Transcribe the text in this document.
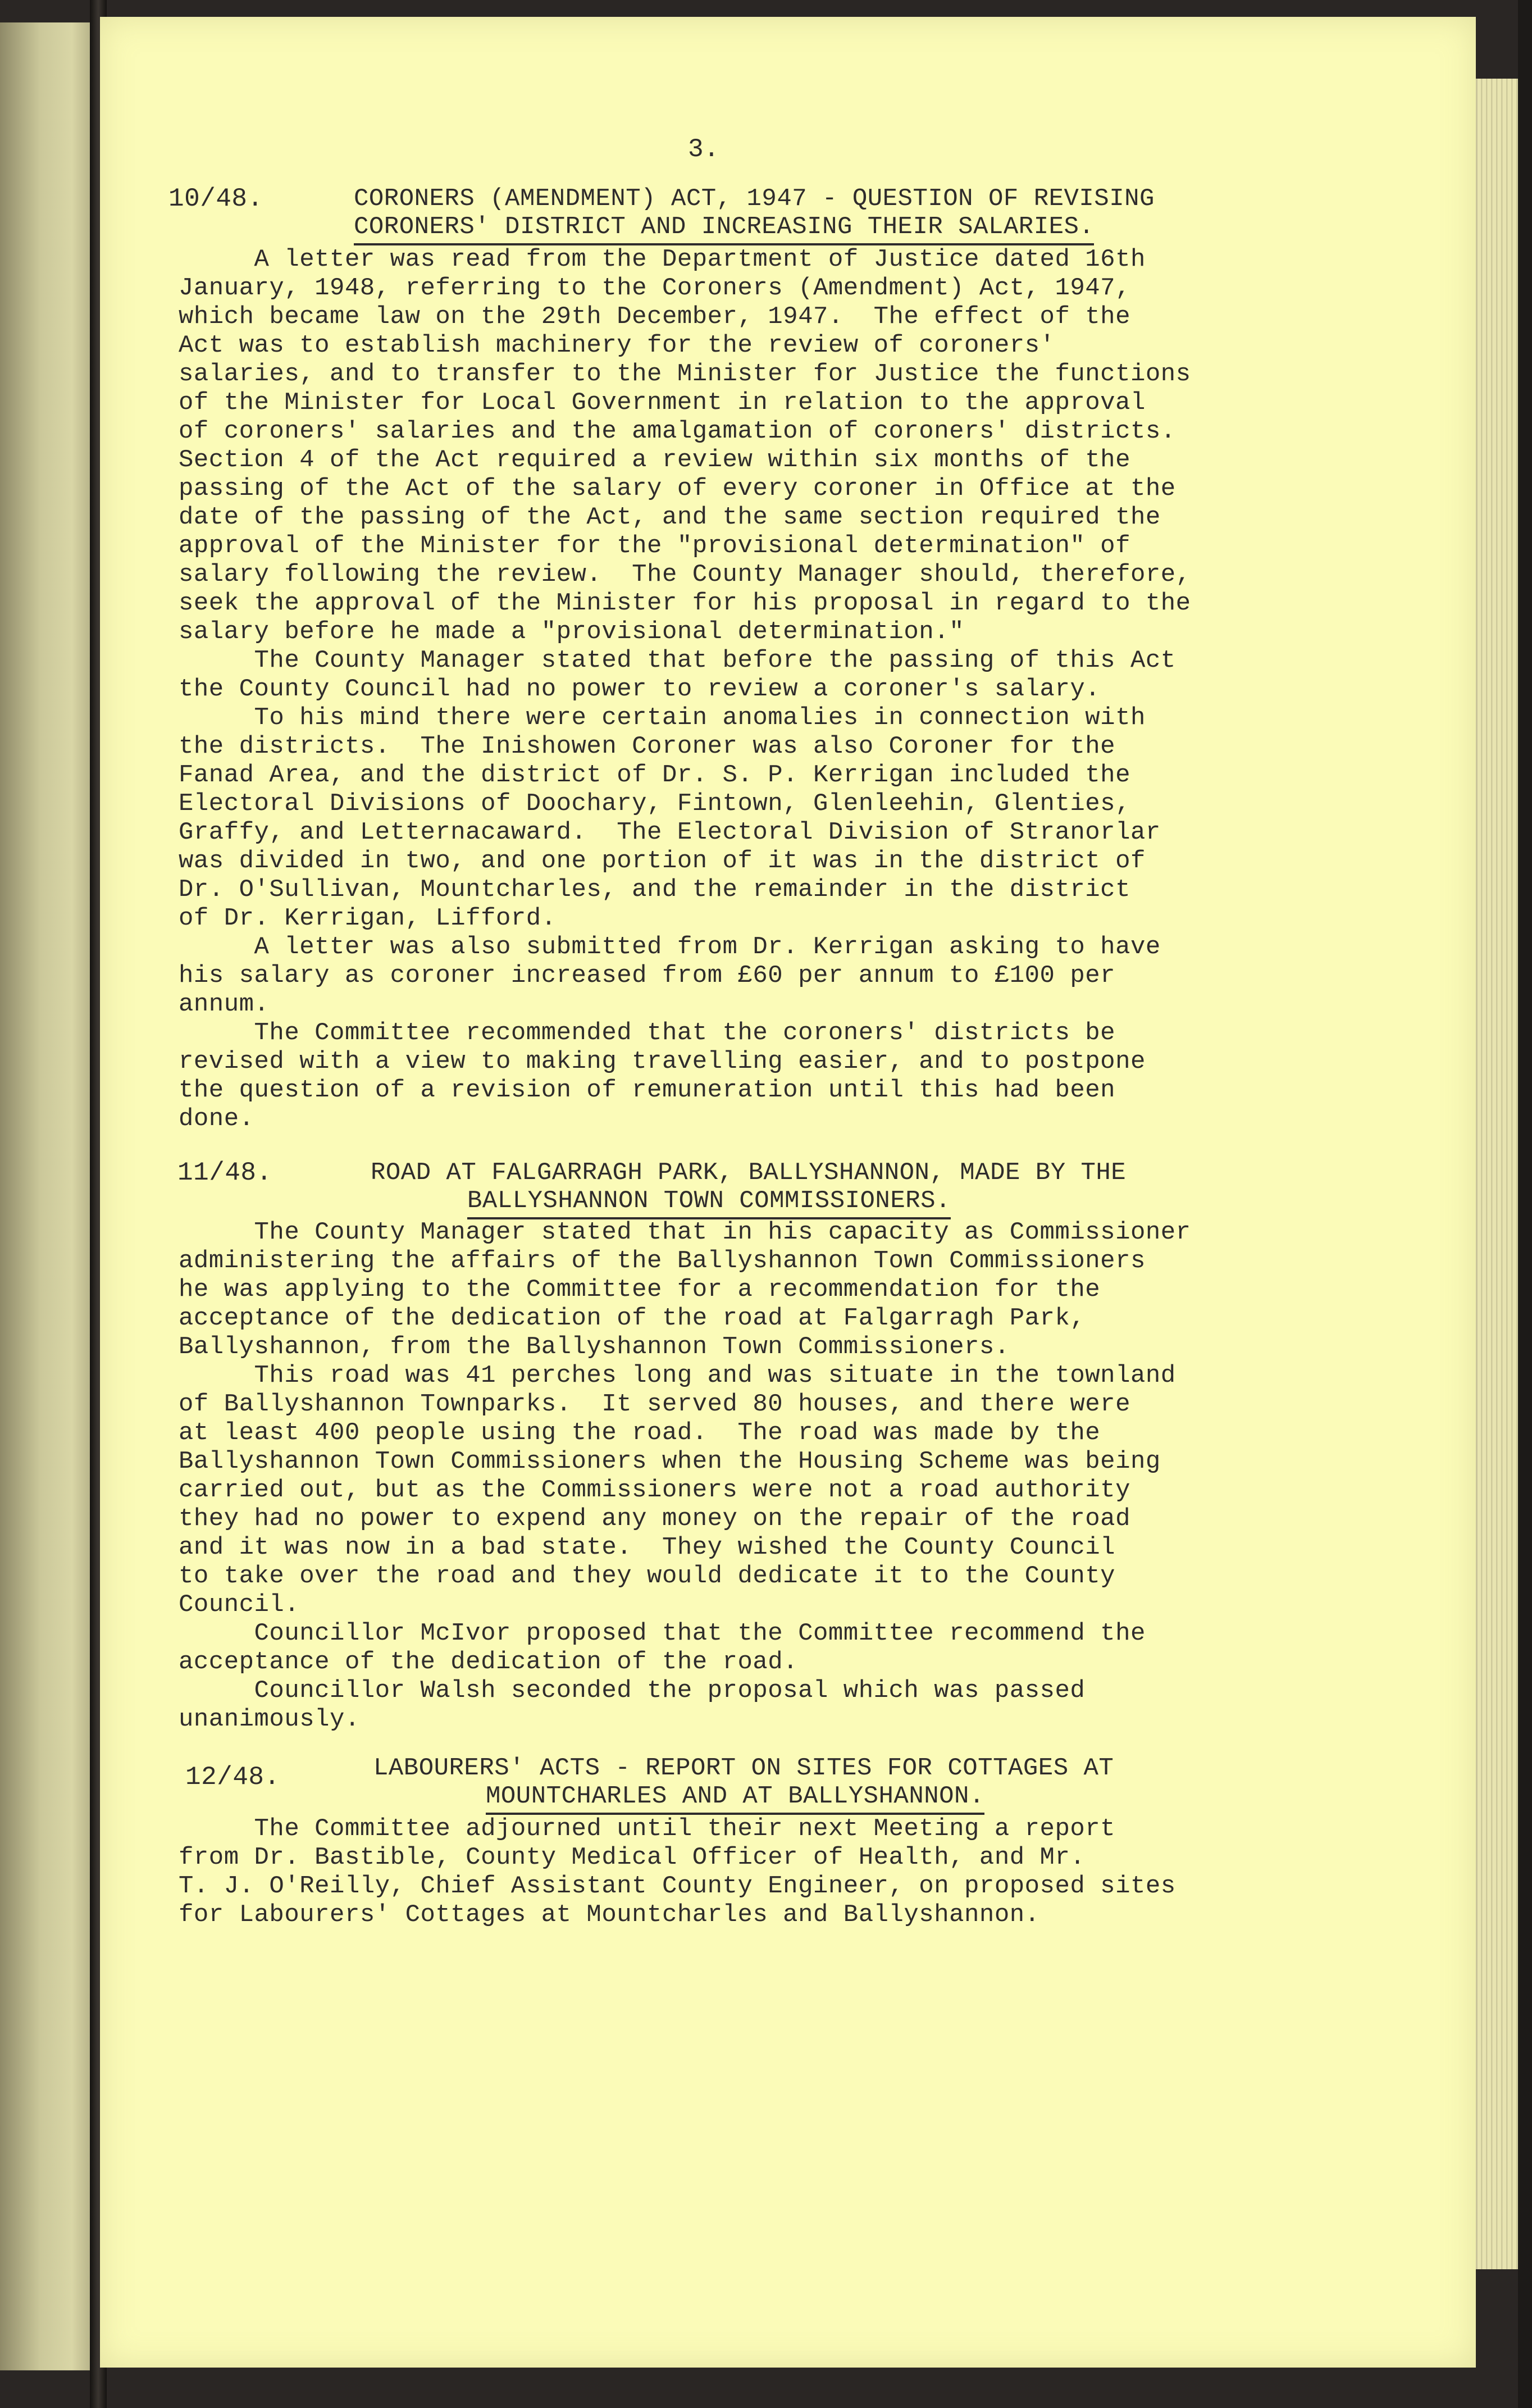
3.
10/48.	CORONERS (AMENDMENT) ACT, 1947 - QUESTION OF REVISING
CORONERS' DISTRICT AND INCREASING THEIR SALARIES.
A letter was read from the Department of Justice dated 16th
January, 1948, referring to the Coroners (Amendment) Act, 1947,
which became law on the 29th December, 1947.  The effect of the
Act was to establish machinery for the review of coroners'
salaries, and to transfer to the Minister for Justice the functions
of the Minister for Local Government in relation to the approval
of coroners' salaries and the amalgamation of coroners' districts.
Section 4 of the Act required a review within six months of the
passing of the Act of the salary of every coroner in Office at the
date of the passing of the Act, and the same section required the
approval of the Minister for the "provisional determination" of
salary following the review.  The County Manager should, therefore,
seek the approval of the Minister for his proposal in regard to the
salary before he made a "provisional determination."
The County Manager stated that before the passing of this Act
the County Council had no power to review a coroner's salary.
To his mind there were certain anomalies in connection with
the districts.  The Inishowen Coroner was also Coroner for the
Fanad Area, and the district of Dr. S. P. Kerrigan included the
Electoral Divisions of Doochary, Fintown, Glenleehin, Glenties,
Graffy, and Letternacaward.  The Electoral Division of Stranorlar
was divided in two, and one portion of it was in the district of
Dr. O'Sullivan, Mountcharles, and the remainder in the district
of Dr. Kerrigan, Lifford.
A letter was also submitted from Dr. Kerrigan asking to have
his salary as coroner increased from £60 per annum to £100 per
annum.
The Committee recommended that the coroners' districts be
revised with a view to making travelling easier, and to postpone
the question of a revision of remuneration until this had been
done.
11/48.	ROAD AT FALGARRAGH PARK, BALLYSHANNON, MADE BY THE
BALLYSHANNON TOWN COMMISSIONERS.
The County Manager stated that in his capacity as Commissioner
administering the affairs of the Ballyshannon Town Commissioners
he was applying to the Committee for a recommendation for the
acceptance of the dedication of the road at Falgarragh Park,
Ballyshannon, from the Ballyshannon Town Commissioners.
This road was 41 perches long and was situate in the townland
of Ballyshannon Townparks.  It served 80 houses, and there were
at least 400 people using the road.  The road was made by the
Ballyshannon Town Commissioners when the Housing Scheme was being
carried out, but as the Commissioners were not a road authority
they had no power to expend any money on the repair of the road
and it was now in a bad state.  They wished the County Council
to take over the road and they would dedicate it to the County
Council.
Councillor McIvor proposed that the Committee recommend the
acceptance of the dedication of the road.
Councillor Walsh seconded the proposal which was passed
unanimously.
12/48.	LABOURERS' ACTS - REPORT ON SITES FOR COTTAGES AT
MOUNTCHARLES AND AT BALLYSHANNON.
The Committee adjourned until their next Meeting a report
from Dr. Bastible, County Medical Officer of Health, and Mr.
T. J. O'Reilly, Chief Assistant County Engineer, on proposed sites
for Labourers' Cottages at Mountcharles and Ballyshannon.
